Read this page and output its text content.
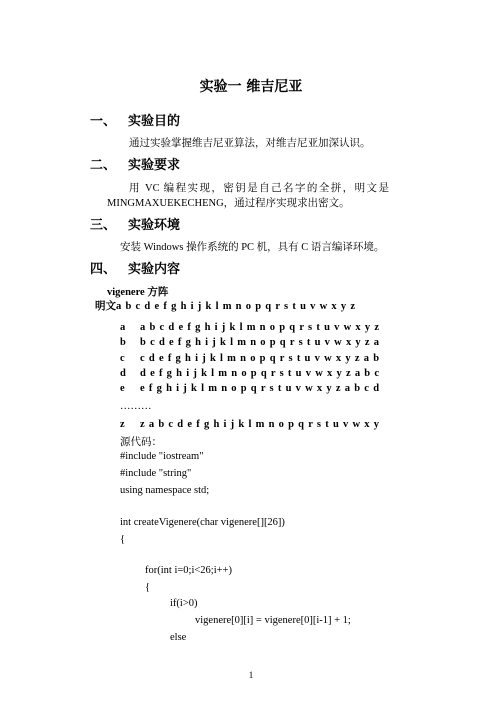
实验一 维吉尼亚
一、 实验目的
通过实验掌握维吉尼亚算法，对维吉尼亚加深认识。
二、 实验要求
用 VC 编程实现，密钥是自己名字的全拼，明文是
MINGMAXUEKECHENG，通过程序实现求出密文。
三、 实验环境
安装 Windows 操作系统的 PC 机，具有 C 语言编译环境。
四、 实验内容
vigenere 方阵
明文a b c d e f g h i j k l m n o p q r s t u v w x y z
a a b c d e f g h i j k l m n o p q r s t u v w x y z
b b c d e f g h i j k l m n o p q r s t u v w x y z a
c c d e f g h i j k l m n o p q r s t u v w x y z a b
d d e f g h i j k l m n o p q r s t u v w x y z a b c
e e f g h i j k l m n o p q r s t u v w x y z a b c d
………
z z a b c d e f g h i j k l m n o p q r s t u v w x y
源代码：
#include "iostream"
#include "string"
using namespace std;
int createVigenere(char vigenere[][26])
{
for(int i=0;i<26;i++)
{
if(i>0)
vigenere[0][i] = vigenere[0][i-1] + 1;
else
1
